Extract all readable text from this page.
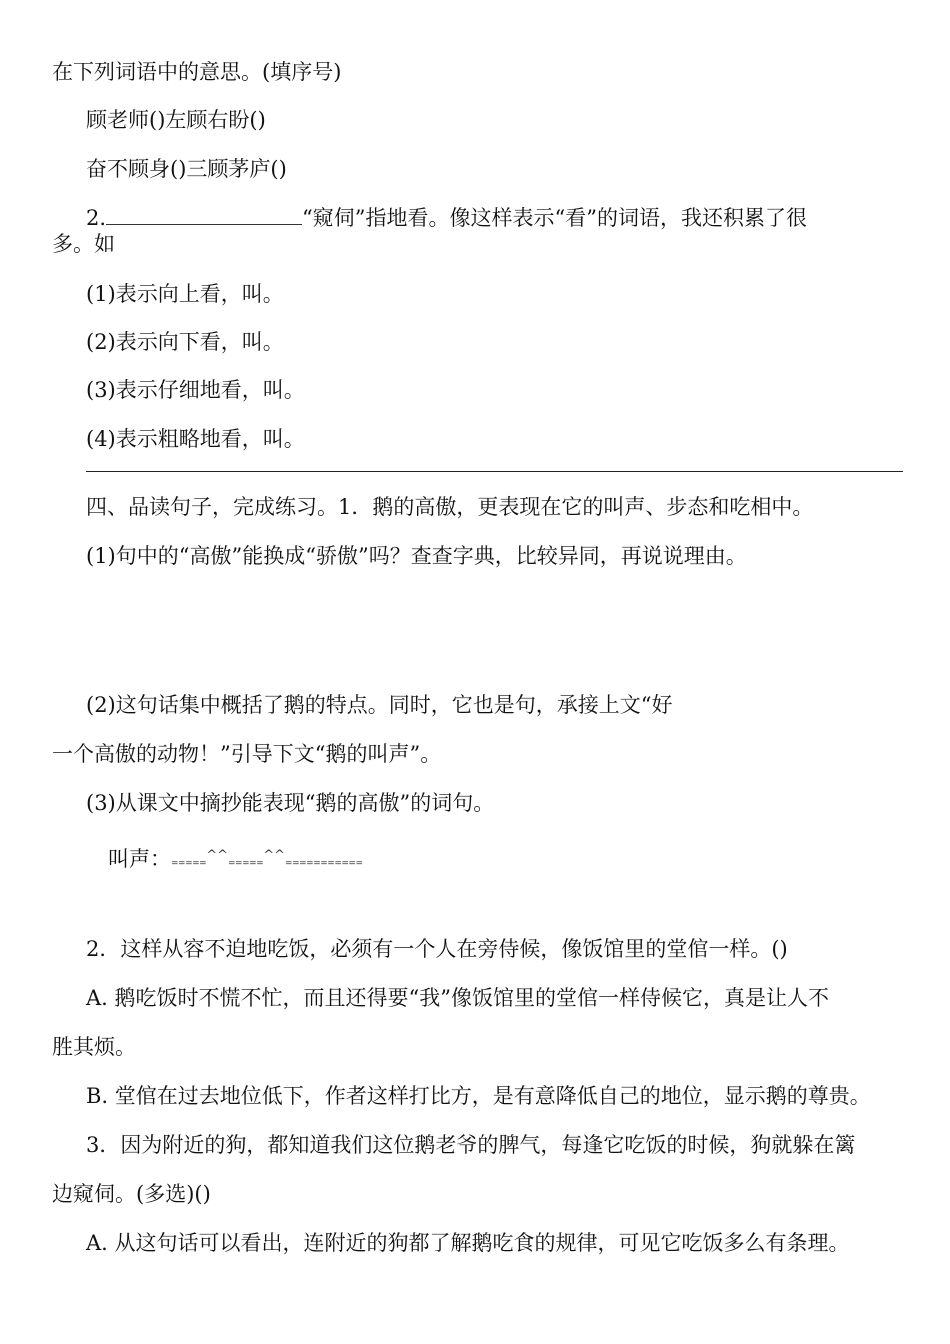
在下列词语中的意思。(填序号)
顾老师()左顾右盼()
奋不顾身()三顾茅庐()
2.	“窥伺”指地看。像这样表示“看”的词语，我还积累了很
多。如
(1)表示向上看，叫。
(2)表示向下看，叫。
(3)表示仔细地看，叫。
(4)表示粗略地看，叫。
四、品读句子，完成练习。1．鹅的高傲，更表现在它的叫声、步态和吃相中。
(1)句中的“高傲”能换成“骄傲”吗？查查字典，比较异同，再说说理由。
(2)这句话集中概括了鹅的特点。同时，它也是句，承接上文“好
一个高傲的动物！”引导下文“鹅的叫声”。
(3)从课文中摘抄能表现“鹅的高傲”的词句。
叫声：=====^^=====^^===========
2．这样从容不迫地吃饭，必须有一个人在旁侍候，像饭馆里的堂倌一样。()
A. 鹅吃饭时不慌不忙，而且还得要“我”像饭馆里的堂倌一样侍候它，真是让人不
胜其烦。
B. 堂倌在过去地位低下，作者这样打比方，是有意降低自己的地位，显示鹅的尊贵。
3．因为附近的狗，都知道我们这位鹅老爷的脾气，每逢它吃饭的时候，狗就躲在篱
边窥伺。(多选)()
A. 从这句话可以看出，连附近的狗都了解鹅吃食的规律，可见它吃饭多么有条理。
